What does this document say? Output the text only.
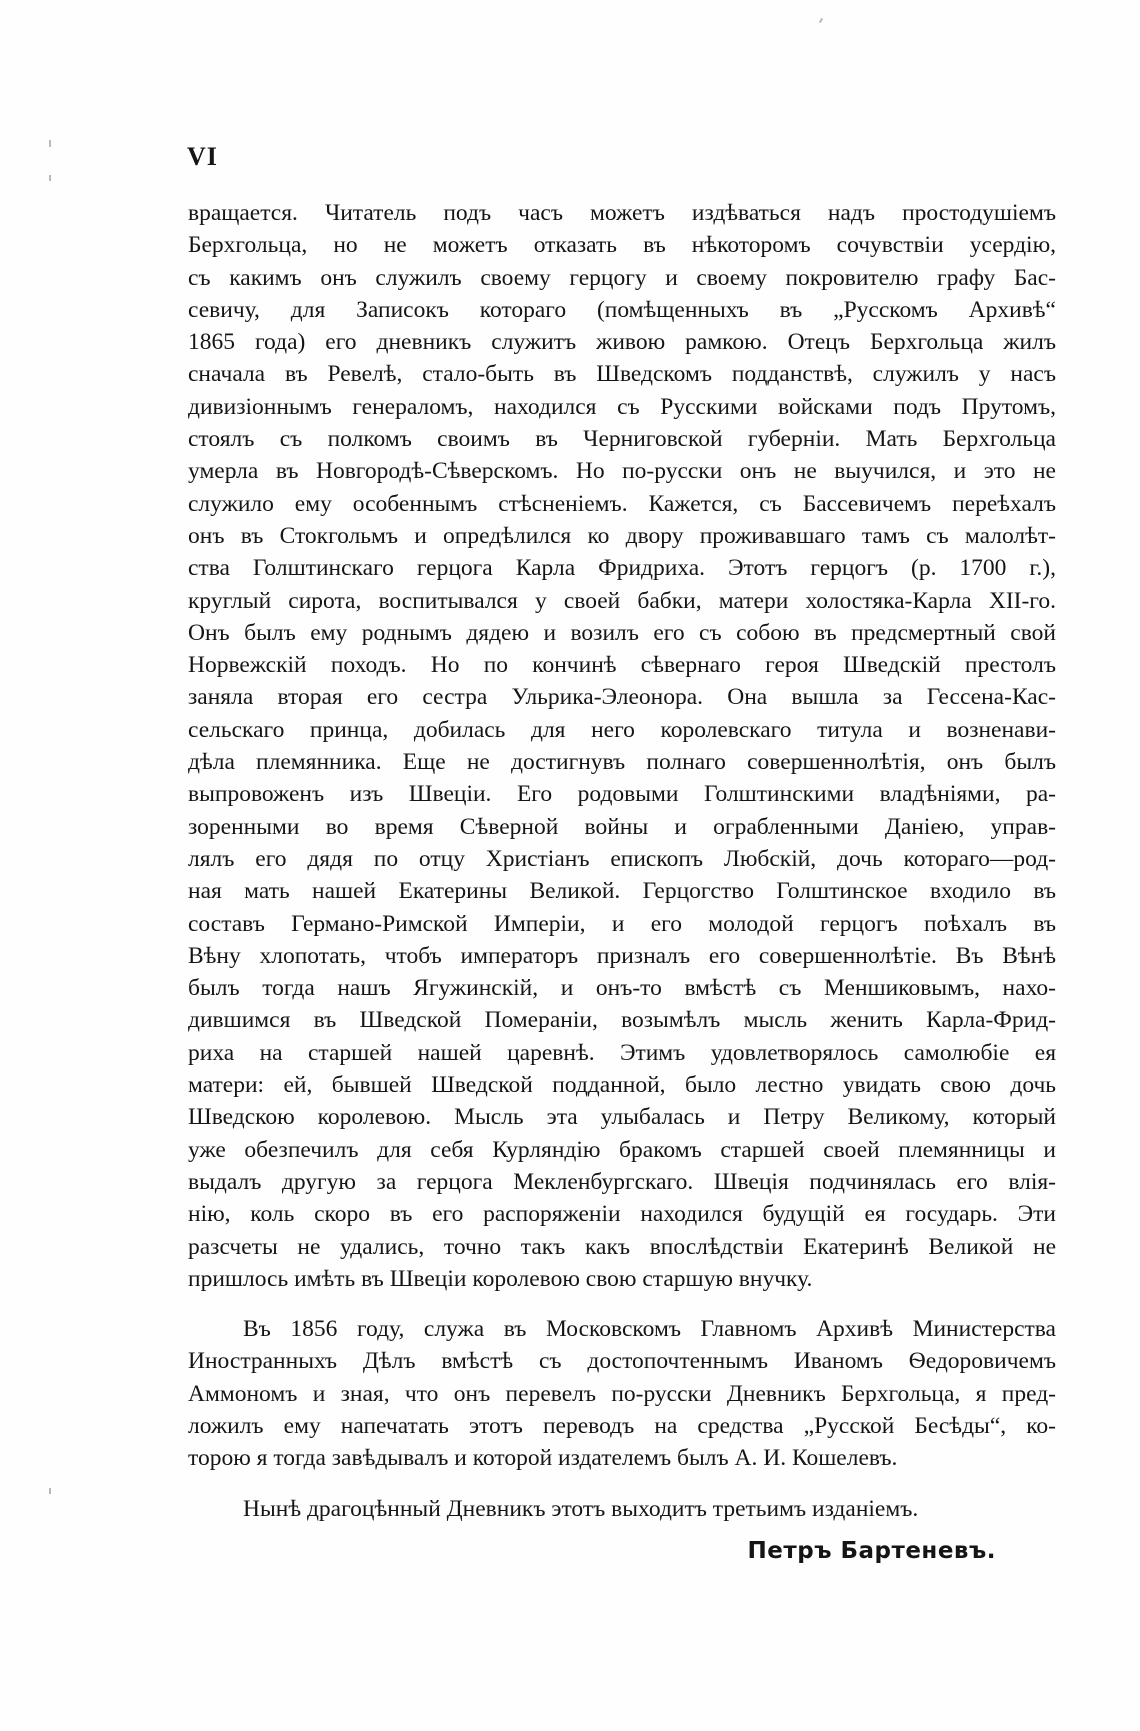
VI
вращается. Читатель подъ часъ можетъ издѣваться надъ простодушіемъ
Берхгольца, но не можетъ отказать въ нѣкоторомъ сочувствіи усердію,
съ какимъ онъ служилъ своему герцогу и своему покровителю графу Бас-
севичу, для Записокъ котораго (помѣщенныхъ въ „Русскомъ Архивѣ“
1865 года) его дневникъ служитъ живою рамкою. Отецъ Берхгольца жилъ
сначала въ Ревелѣ, стало-быть въ Шведскомъ подданствѣ, служилъ у насъ
дивизіоннымъ генераломъ, находился съ Русскими войсками подъ Прутомъ,
стоялъ съ полкомъ своимъ въ Черниговской губерніи. Мать Берхгольца
умерла въ Новгородѣ-Сѣверскомъ. Но по-русски онъ не выучился, и это не
служило ему особеннымъ стѣсненіемъ. Кажется, съ Бассевичемъ переѣхалъ
онъ въ Стокгольмъ и опредѣлился ко двору проживавшаго тамъ съ малолѣт-
ства Голштинскаго герцога Карла Фридриха. Этотъ герцогъ (р. 1700 г.),
круглый сирота, воспитывался у своей бабки, матери холостяка-Карла XII-го.
Онъ былъ ему роднымъ дядею и возилъ его съ собою въ предсмертный свой
Норвежскій походъ. Но по кончинѣ сѣвернаго героя Шведскій престолъ
заняла вторая его сестра Ульрика-Элеонора. Она вышла за Гессена-Кас-
сельскаго принца, добилась для него королевскаго титула и возненави-
дѣла племянника. Еще не достигнувъ полнаго совершеннолѣтія, онъ былъ
выпровоженъ изъ Швеціи. Его родовыми Голштинскими владѣніями, ра-
зоренными во время Сѣверной войны и ограбленными Даніею, управ-
лялъ его дядя по отцу Христіанъ епископъ Любскій, дочь котораго—род-
ная мать нашей Екатерины Великой. Герцогство Голштинское входило въ
составъ Германо-Римской Имперіи, и его молодой герцогъ поѣхалъ въ
Вѣну хлопотать, чтобъ императоръ призналъ его совершеннолѣтіе. Въ Вѣнѣ
былъ тогда нашъ Ягужинскій, и онъ-то вмѣстѣ съ Меншиковымъ, нахо-
дившимся въ Шведской Помераніи, возымѣлъ мысль женить Карла-Фрид-
риха на старшей нашей царевнѣ. Этимъ удовлетворялось самолюбіе ея
матери: ей, бывшей Шведской подданной, было лестно увидать свою дочь
Шведскою королевою. Мысль эта улыбалась и Петру Великому, который
уже обезпечилъ для себя Курляндію бракомъ старшей своей племянницы и
выдалъ другую за герцога Мекленбургскаго. Швеція подчинялась его влія-
нію, коль скоро въ его распоряженіи находился будущій ея государь. Эти
разсчеты не удались, точно такъ какъ впослѣдствіи Екатеринѣ Великой не
пришлось имѣть въ Швеціи королевою свою старшую внучку.
Въ 1856 году, служа въ Московскомъ Главномъ Архивѣ Министерства
Иностранныхъ Дѣлъ вмѣстѣ съ достопочтеннымъ Иваномъ Ѳедоровичемъ
Аммономъ и зная, что онъ перевелъ по-русски Дневникъ Берхгольца, я пред-
ложилъ ему напечатать этотъ переводъ на средства „Русской Бесѣды“, ко-
торою я тогда завѣдывалъ и которой издателемъ былъ А. И. Кошелевъ.
Нынѣ драгоцѣнный Дневникъ этотъ выходитъ третьимъ изданіемъ.
Петръ Бартеневъ.
